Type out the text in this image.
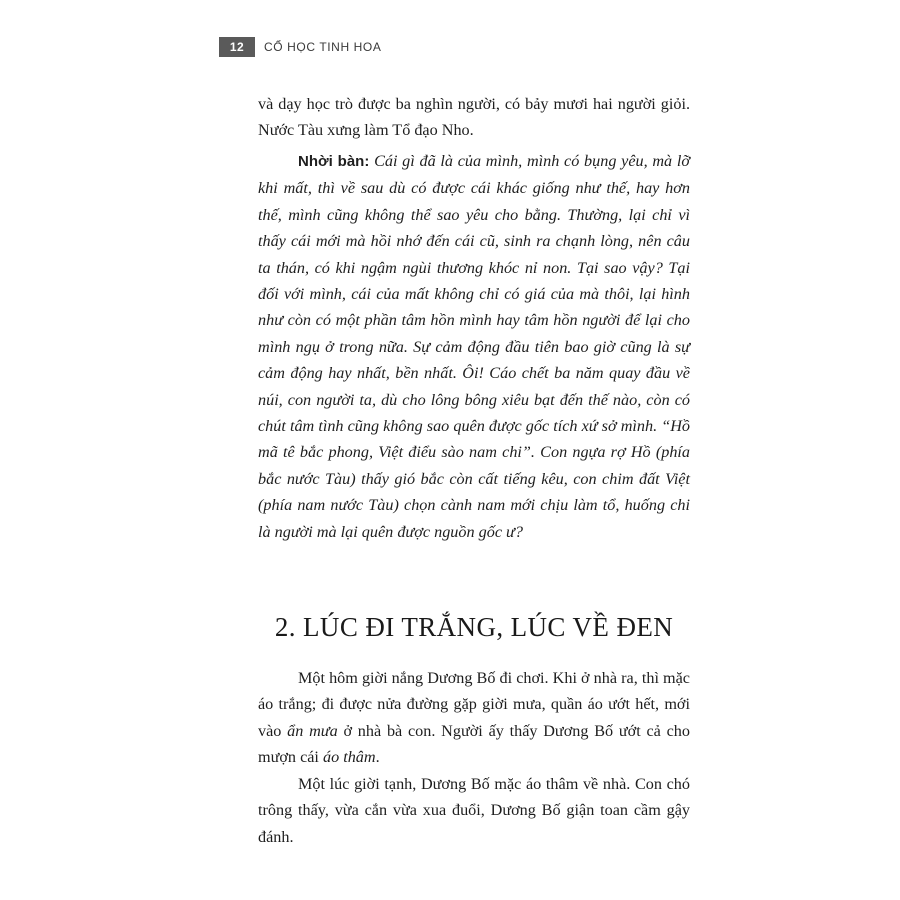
12	CỔ HỌC TINH HOA

và dạy học trò được ba nghìn người, có bảy mươi hai người giỏi. Nước Tàu xưng làm Tổ đạo Nho.

Nhời bàn: Cái gì đã là của mình, mình có bụng yêu, mà lỡ khi mất, thì về sau dù có được cái khác giống như thế, hay hơn thế, mình cũng không thể sao yêu cho bằng. Thường, lại chỉ vì thấy cái mới mà hồi nhớ đến cái cũ, sinh ra chạnh lòng, nên câu ta thán, có khi ngậm ngùi thương khóc nỉ non. Tại sao vậy? Tại đối với mình, cái của mất không chỉ có giá của mà thôi, lại hình như còn có một phần tâm hồn mình hay tâm hồn người để lại cho mình ngụ ở trong nữa. Sự cảm động đầu tiên bao giờ cũng là sự cảm động hay nhất, bền nhất. Ôi! Cáo chết ba năm quay đầu về núi, con người ta, dù cho lông bông xiêu bạt đến thế nào, còn có chút tâm tình cũng không sao quên được gốc tích xứ sở mình. “Hồ mã tê bắc phong, Việt điểu sào nam chi”. Con ngựa rợ Hồ (phía bắc nước Tàu) thấy gió bắc còn cất tiếng kêu, con chim đất Việt (phía nam nước Tàu) chọn cành nam mới chịu làm tổ, huống chi là người mà lại quên được nguồn gốc ư?

2. LÚC ĐI TRẮNG, LÚC VỀ ĐEN

Một hôm giời nắng Dương Bố đi chơi. Khi ở nhà ra, thì mặc áo trắng; đi được nửa đường gặp giời mưa, quần áo ướt hết, mới vào ẩn mưa ở nhà bà con. Người ấy thấy Dương Bố ướt cả cho mượn cái áo thâm.

Một lúc giời tạnh, Dương Bố mặc áo thâm về nhà. Con chó trông thấy, vừa cắn vừa xua đuổi, Dương Bố giận toan cầm gậy đánh.
